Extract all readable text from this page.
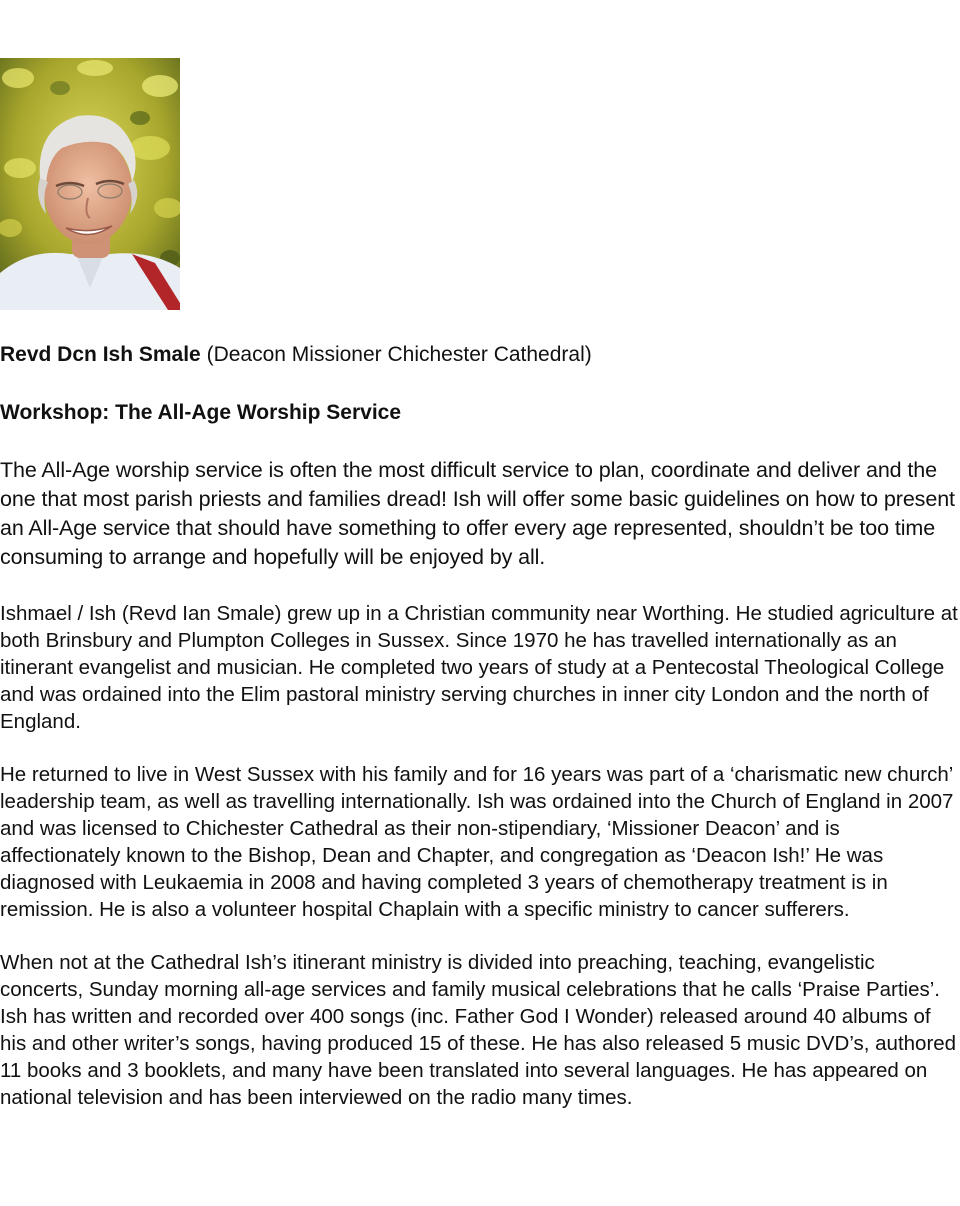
Revd Dcn Ish Smale (Deacon Missioner Chichester Cathedral)

Workshop: The All-Age Worship Service

The All-Age worship service is often the most difficult service to plan, coordinate and deliver and the one that most parish priests and families dread! Ish will offer some basic guidelines on how to present an All-Age service that should have something to offer every age represented, shouldn’t be too time consuming to arrange and hopefully will be enjoyed by all.

Ishmael / Ish (Revd Ian Smale) grew up in a Christian community near Worthing. He studied agriculture at both Brinsbury and Plumpton Colleges in Sussex. Since 1970 he has travelled internationally as an itinerant evangelist and musician. He completed two years of study at a Pentecostal Theological College and was ordained into the Elim pastoral ministry serving churches in inner city London and the north of England.

He returned to live in West Sussex with his family and for 16 years was part of a ‘charismatic new church’ leadership team, as well as travelling internationally. Ish was ordained into the Church of England in 2007 and was licensed to Chichester Cathedral as their non-stipendiary, ‘Missioner Deacon’ and is affectionately known to the Bishop, Dean and Chapter, and congregation as ‘Deacon Ish!’ He was diagnosed with Leukaemia in 2008 and having completed 3 years of chemotherapy treatment is in remission. He is also a volunteer hospital Chaplain with a specific ministry to cancer sufferers.

When not at the Cathedral Ish’s itinerant ministry is divided into preaching, teaching, evangelistic concerts, Sunday morning all-age services and family musical celebrations that he calls ‘Praise Parties’. Ish has written and recorded over 400 songs (inc. Father God I Wonder) released around 40 albums of his and other writer’s songs, having produced 15 of these. He has also released 5 music DVD’s, authored 11 books and 3 booklets, and many have been translated into several languages. He has appeared on national television and has been interviewed on the radio many times.
